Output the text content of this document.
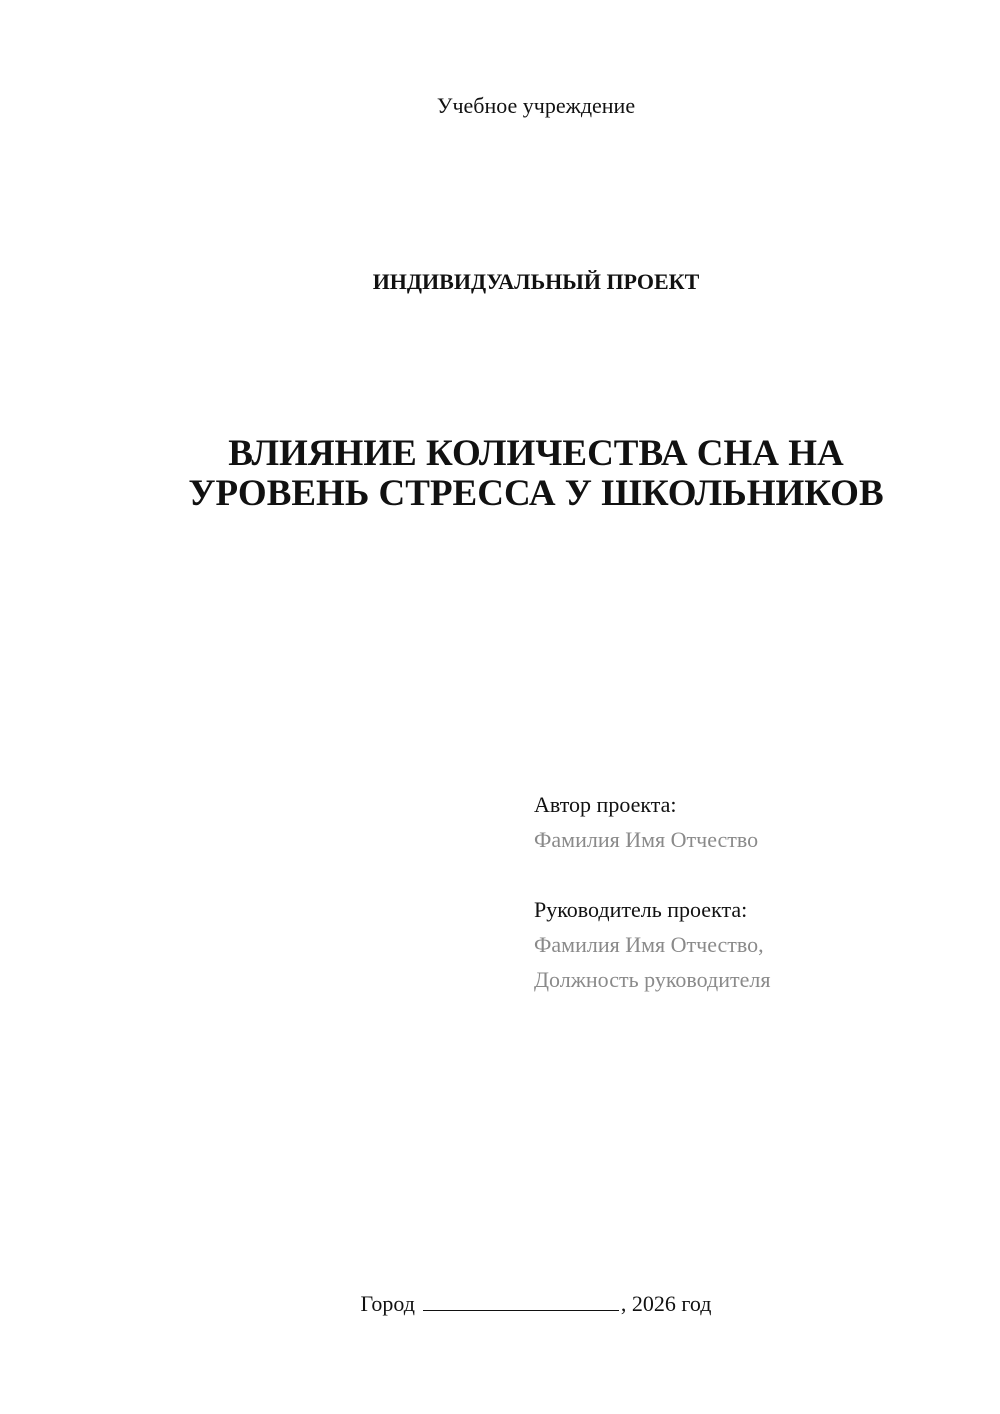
Учебное учреждение
ИНДИВИДУАЛЬНЫЙ ПРОЕКТ
ВЛИЯНИЕ КОЛИЧЕСТВА СНА НА
УРОВЕНЬ СТРЕССА У ШКОЛЬНИКОВ
Автор проекта:
Фамилия Имя Отчество
Руководитель проекта:
Фамилия Имя Отчество,
Должность руководителя
Город	, 2026 год
